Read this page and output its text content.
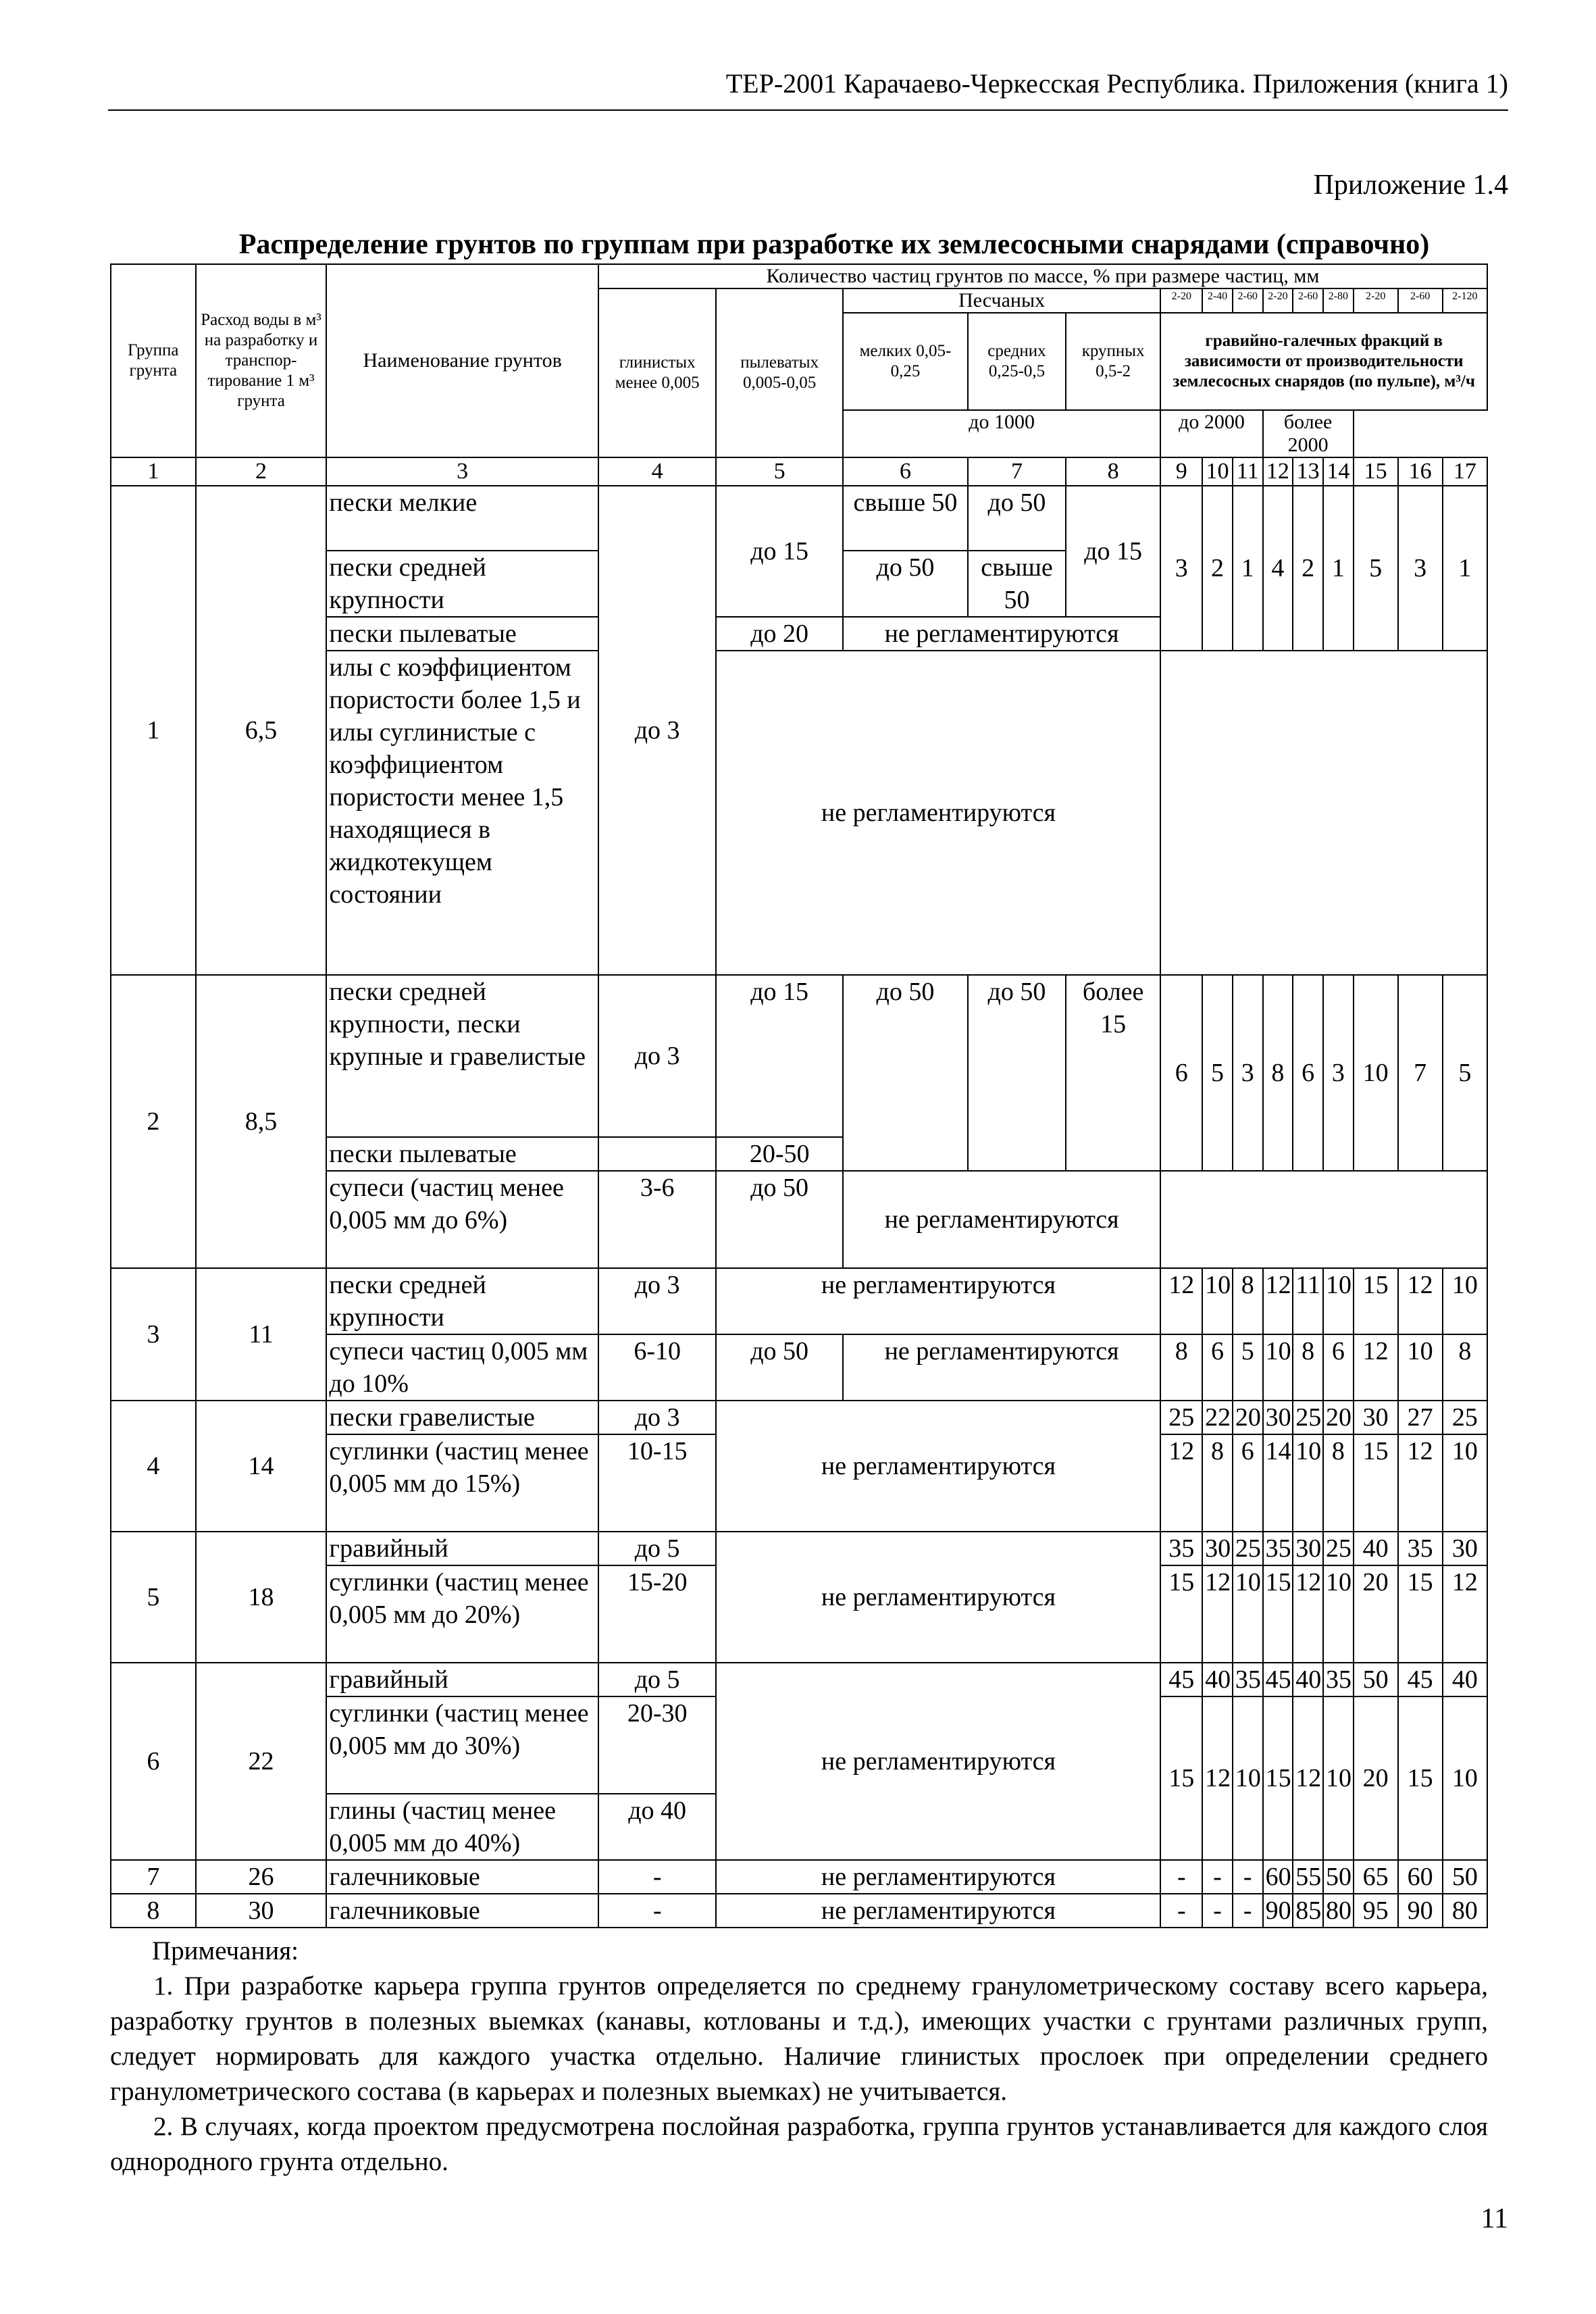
ТЕР-2001 Карачаево-Черкесская Республика. Приложения (книга 1)
Приложение 1.4
Распределение грунтов по группам при разработке их землесосными снарядами (справочно)
Группа грунта	Расход воды в м³ на разработку и транспор- тирование 1 м³ грунта	Наименование грунтов	Количество частиц грунтов по массе, % при размере частиц, мм													
			глинистых менее 0,005	пылеватых 0,005-0,05	Песчаных			2-20	2-40	2-60	2-20	2-60	2-80	2-20	2-60	2-120
					мелких 0,05-0,25	средних 0,25-0,5	крупных 0,5-2	гравийно-галечных фракций в зависимости от производительности землесосных снарядов (по пульпе), м³/ч								
					до 1000			до 2000			более 2000					
1	2	3	4	5	6	7	8	9	10	11	12	13	14	15	16	17
1	6,5	пески мелкие	до 3	до 15	свыше 50	до 50	до 15	3	2	1	4	2	1	5	3	1
		пески средней крупности			до 50	свыше 50										
		пески пылеватые		до 20	не регламентируются											
		илы с коэффициентом пористости более 1,5 и илы суглинистые с коэффициентом пористости менее 1,5 находящиеся в жидкотекущем состоянии		не регламентируются												
2	8,5	пески средней крупности, пески крупные и гравелистые	до 3	до 15	до 50	до 50	более 15	6	5	3	8	6	3	10	7	5
		пески пылеватые		20-50												
		супеси (частиц менее 0,005 мм до 6%)	3-6	до 50	не регламентируются											
3	11	пески средней крупности	до 3	не регламентируются				12	10	8	12	11	10	15	12	10
		супеси частиц 0,005 мм до 10%	6-10	до 50	не регламентируются			8	6	5	10	8	6	12	10	8
4	14	пески гравелистые	до 3	не регламентируются				25	22	20	30	25	20	30	27	25
		суглинки (частиц менее 0,005 мм до 15%)	10-15					12	8	6	14	10	8	15	12	10
5	18	гравийный	до 5	не регламентируются				35	30	25	35	30	25	40	35	30
		суглинки (частиц менее 0,005 мм до 20%)	15-20					15	12	10	15	12	10	20	15	12
6	22	гравийный	до 5	не регламентируются				45	40	35	45	40	35	50	45	40
		суглинки (частиц менее 0,005 мм до 30%)	20-30					15	12	10	15	12	10	20	15	10
		глины (частиц менее 0,005 мм до 40%)	до 40													
7	26	галечниковые	-	не регламентируются				-	-	-	60	55	50	65	60	50
8	30	галечниковые	-	не регламентируются				-	-	-	90	85	80	95	90	80

Примечания:

1. При разработке карьера группа грунтов определяется по среднему гранулометрическому составу всего карьера, разработку грунтов в полезных выемках (канавы, котлованы и т.д.), имеющих участки с грунтами различных групп, следует нормировать для каждого участка отдельно. Наличие глинистых прослоек при определении среднего гранулометрического состава (в карьерах и полезных выемках) не учитывается.

2. В случаях, когда проектом предусмотрена послойная разработка, группа грунтов устанавливается для каждого слоя однородного грунта отдельно.

11
